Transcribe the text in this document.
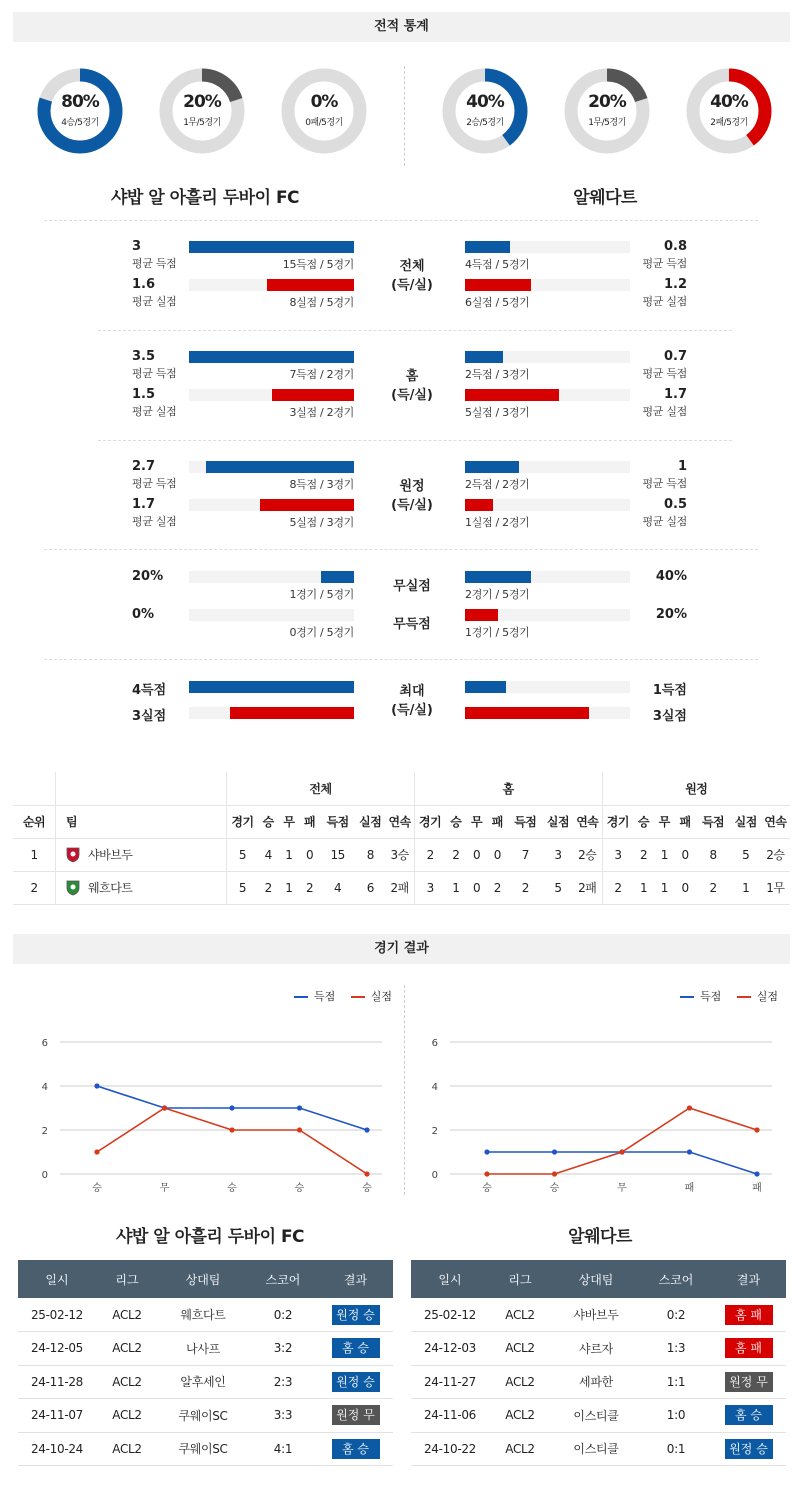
전적 통계
80%
4승/5경기
20%
1무/5경기
0%
0패/5경기
40%
2승/5경기
20%
1무/5경기
40%
2패/5경기
샤밥 알 아흘리 두바이 FC	알웨다트
전체
(득/실)
3
평균 득점	15득점 / 5경기
1.6
평균 실점	8실점 / 5경기
0.8
평균 득점
4득점 / 5경기
1.2
평균 실점
6실점 / 5경기
홈
(득/실)
3.5
평균 득점	7득점 / 2경기
1.5
평균 실점	3실점 / 2경기
0.7
평균 득점
2득점 / 3경기
1.7
평균 실점
5실점 / 3경기
원정
(득/실)
2.7
평균 득점	8득점 / 3경기
1.7
평균 실점	5실점 / 3경기
1
평균 득점
2득점 / 2경기
0.5
평균 실점
1실점 / 2경기
무실점
무득점
20%
1경기 / 5경기
0%
0경기 / 5경기
40%
2경기 / 5경기
20%
1경기 / 5경기
최대
(득/실)
4득점
3실점
1득점
3실점
		전체							홈							원정						
순위	팀	경기	승	무	패	득점	실점	연속	경기	승	무	패	득점	실점	연속	경기	승	무	패	득점	실점	연속
1	샤바브두	5	4	1	0	15	8	3승	2	2	0	0	7	3	2승	3	2	1	0	8	5	2승
2	웨흐다트	5	2	1	2	4	6	2패	3	1	0	2	2	5	2패	2	1	1	0	2	1	1무
경기 결과
득점	실점	득점	실점
0
2
4
6
승	무	승	승	승
0
2
4
6
승	승	무	패	패
샤밥 알 아흘리 두바이 FC	알웨다트
일시	리그	상대팀	스코어	결과
25-02-12	ACL2	웨흐다트	0:2	원정 승
24-12-05	ACL2	나사프	3:2	홈 승
24-11-28	ACL2	알후세인	2:3	원정 승
24-11-07	ACL2	쿠웨이SC	3:3	원정 무
24-10-24	ACL2	쿠웨이SC	4:1	홈 승
일시	리그	상대팀	스코어	결과
25-02-12	ACL2	샤바브두	0:2	홈 패
24-12-03	ACL2	샤르자	1:3	홈 패
24-11-27	ACL2	세파한	1:1	원정 무
24-11-06	ACL2	이스티클	1:0	홈 승
24-10-22	ACL2	이스티클	0:1	원정 승
